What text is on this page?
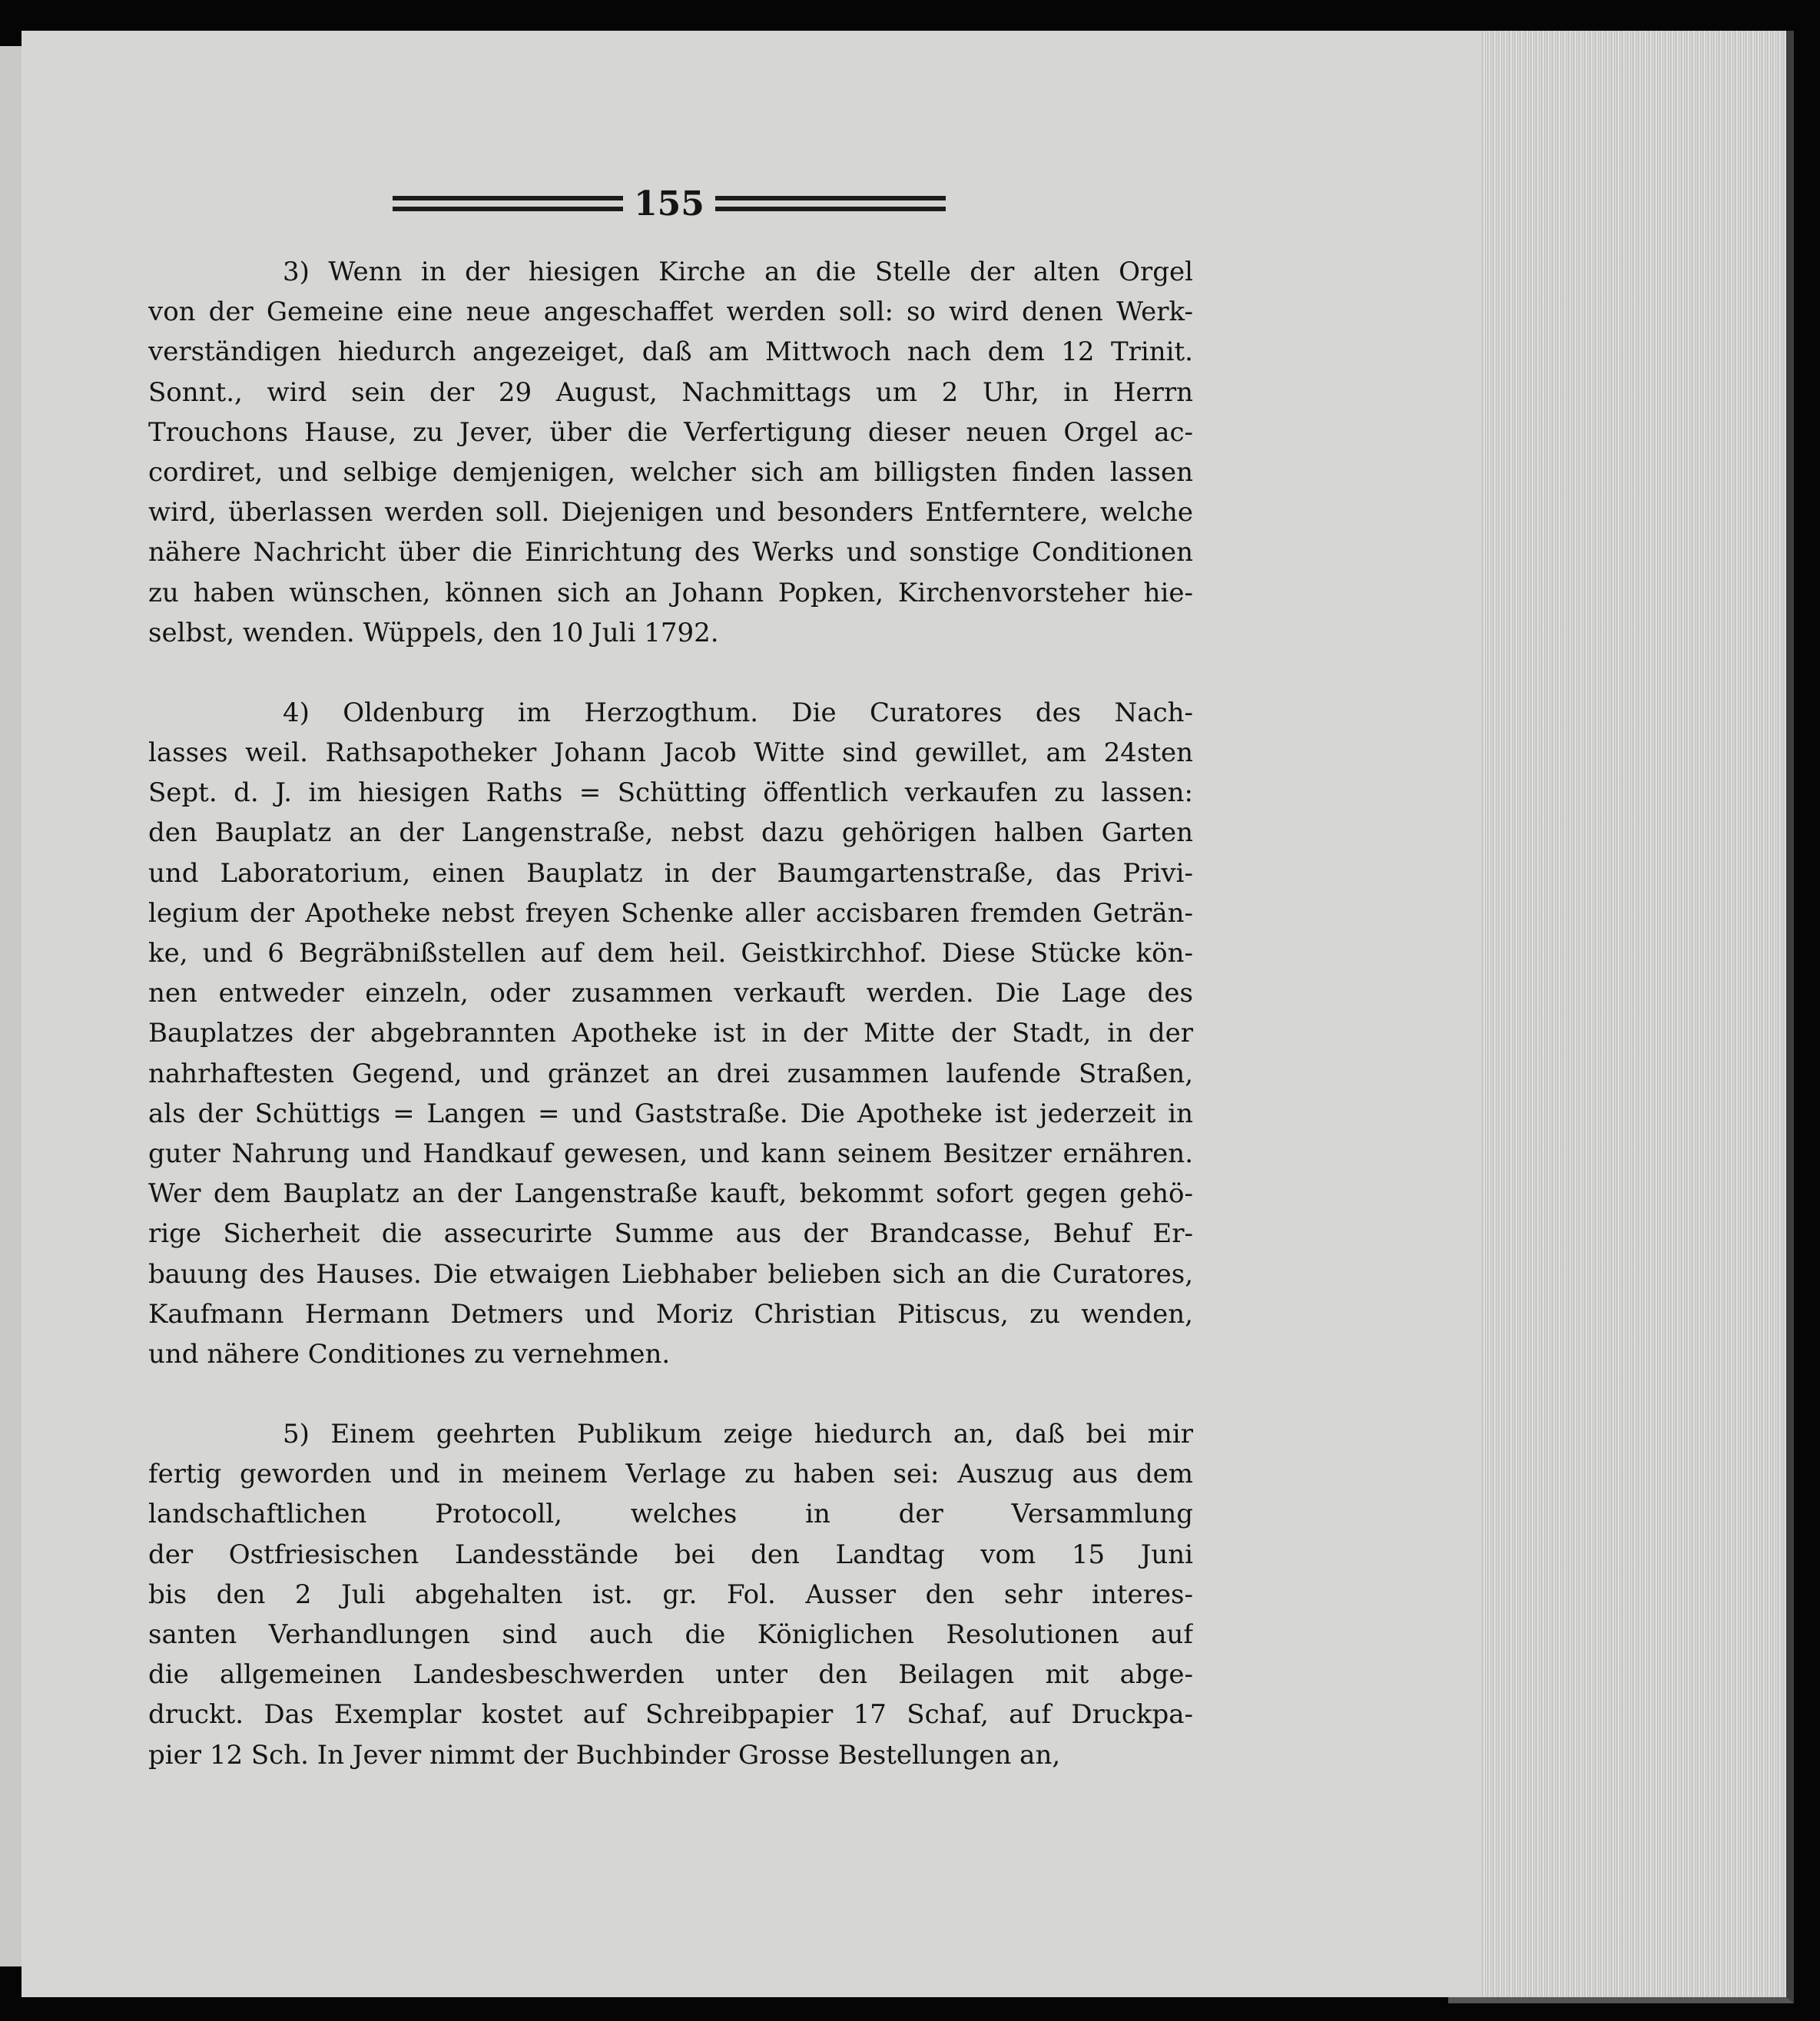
155
3) Wenn in der hiesigen Kirche an die Stelle der alten Orgel
von der Gemeine eine neue angeschaffet werden soll: so wird denen Werk-
verständigen hiedurch angezeiget, daß am Mittwoch nach dem 12 Trinit.
Sonnt., wird sein der 29 August, Nachmittags um 2 Uhr, in Herrn
Trouchons Hause, zu Jever, über die Verfertigung dieser neuen Orgel ac-
cordiret, und selbige demjenigen, welcher sich am billigsten finden lassen
wird, überlassen werden soll. Diejenigen und besonders Entferntere, welche
nähere Nachricht über die Einrichtung des Werks und sonstige Conditionen
zu haben wünschen, können sich an Johann Popken, Kirchenvorsteher hie-
selbst, wenden. Wüppels, den 10 Juli 1792.
4) Oldenburg im Herzogthum. Die Curatores des Nach-
lasses weil. Rathsapotheker Johann Jacob Witte sind gewillet, am 24sten
Sept. d. J. im hiesigen Raths = Schütting öffentlich verkaufen zu lassen:
den Bauplatz an der Langenstraße, nebst dazu gehörigen halben Garten
und Laboratorium, einen Bauplatz in der Baumgartenstraße, das Privi-
legium der Apotheke nebst freyen Schenke aller accisbaren fremden Geträn-
ke, und 6 Begräbnißstellen auf dem heil. Geistkirchhof. Diese Stücke kön-
nen entweder einzeln, oder zusammen verkauft werden. Die Lage des
Bauplatzes der abgebrannten Apotheke ist in der Mitte der Stadt, in der
nahrhaftesten Gegend, und gränzet an drei zusammen laufende Straßen,
als der Schüttigs = Langen = und Gaststraße. Die Apotheke ist jederzeit in
guter Nahrung und Handkauf gewesen, und kann seinem Besitzer ernähren.
Wer dem Bauplatz an der Langenstraße kauft, bekommt sofort gegen gehö-
rige Sicherheit die assecurirte Summe aus der Brandcasse, Behuf Er-
bauung des Hauses. Die etwaigen Liebhaber belieben sich an die Curatores,
Kaufmann Hermann Detmers und Moriz Christian Pitiscus, zu wenden,
und nähere Conditiones zu vernehmen.
5) Einem geehrten Publikum zeige hiedurch an, daß bei mir
fertig geworden und in meinem Verlage zu haben sei: Auszug aus dem
landschaftlichen Protocoll, welches in der Versammlung
der Ostfriesischen Landesstände bei den Landtag vom 15 Juni
bis den 2 Juli abgehalten ist. gr. Fol. Ausser den sehr interes-
santen Verhandlungen sind auch die Königlichen Resolutionen auf
die allgemeinen Landesbeschwerden unter den Beilagen mit abge-
druckt. Das Exemplar kostet auf Schreibpapier 17 Schaf, auf Druckpa-
pier 12 Sch. In Jever nimmt der Buchbinder Grosse Bestellungen an,
